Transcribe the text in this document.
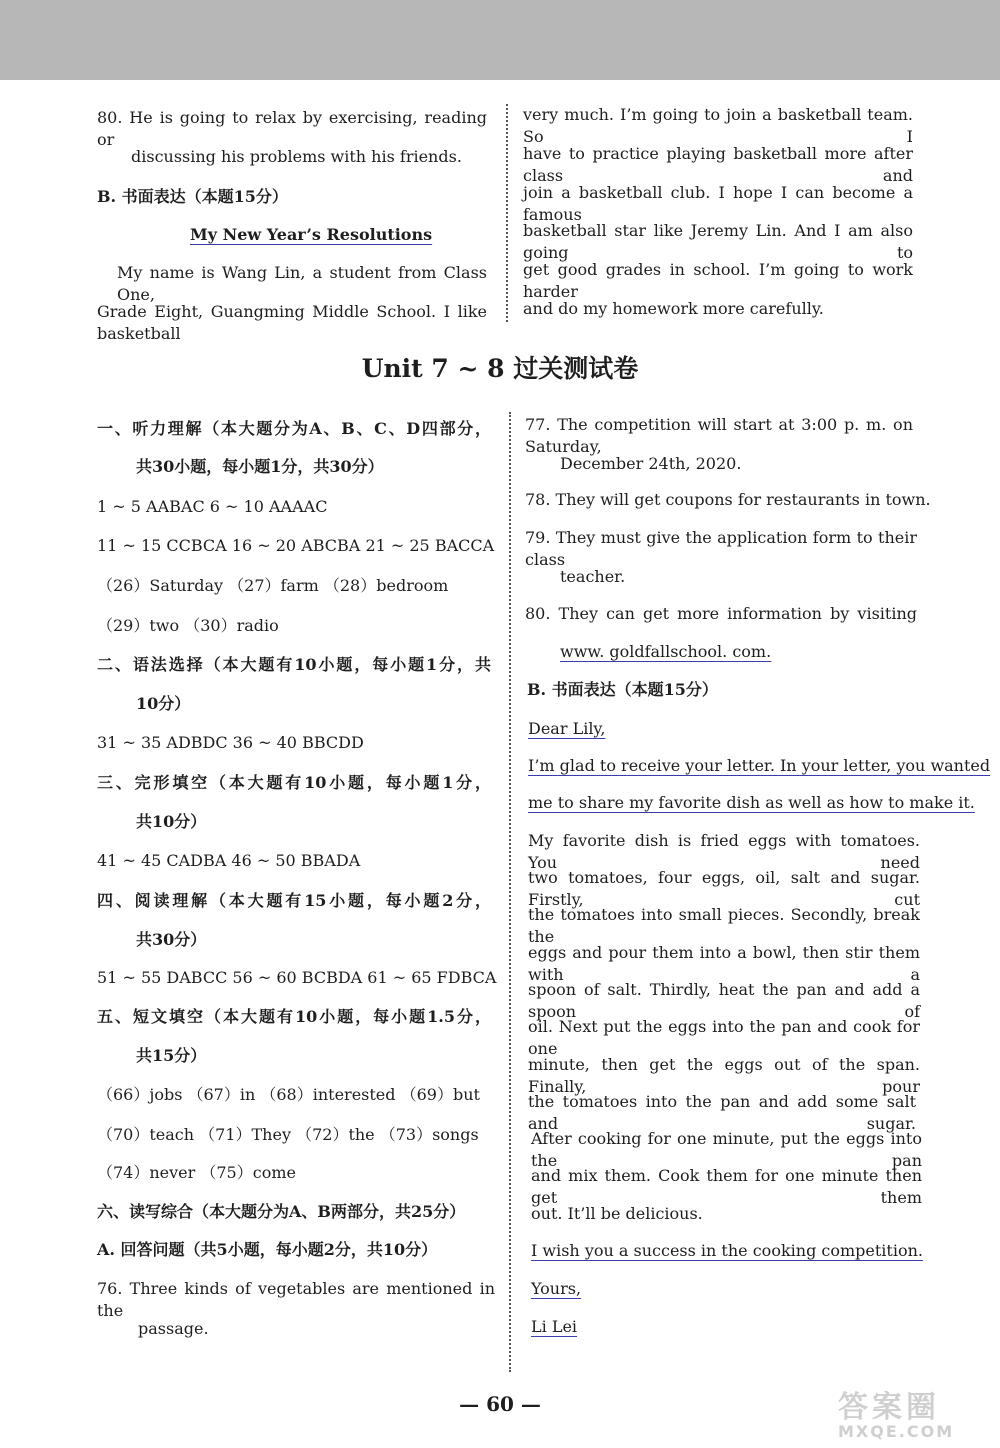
80. He is going to relax by exercising, reading or
discussing his problems with his friends.
B. 书面表达（本题15分）
My New Year’s Resolutions
My name is Wang Lin, a student from Class One,
Grade Eight, Guangming Middle School. I like basketball
very much. I’m going to join a basketball team. So I
have to practice playing basketball more after class and
join a basketball club. I hope I can become a famous
basketball star like Jeremy Lin. And I am also going to
get good grades in school. I’m going to work harder
and do my homework more carefully.
Unit 7 ~ 8 过关测试卷
一、听力理解（本大题分为A、B、C、D四部分，
共30小题，每小题1分，共30分）
1 ~ 5 AABAC 6 ~ 10 AAAAC
11 ~ 15 CCBCA 16 ~ 20 ABCBA 21 ~ 25 BACCA
（26）Saturday （27）farm （28）bedroom
（29）two （30）radio
二、语法选择（本大题有10小题，每小题1分，共
10分）
31 ~ 35 ADBDC 36 ~ 40 BBCDD
三、完形填空（本大题有10小题，每小题1分，
共10分）
41 ~ 45 CADBA 46 ~ 50 BBADA
四、阅读理解（本大题有15小题，每小题2分，
共30分）
51 ~ 55 DABCC 56 ~ 60 BCBDA 61 ~ 65 FDBCA
五、短文填空（本大题有10小题，每小题1.5分，
共15分）
（66）jobs （67）in （68）interested （69）but
（70）teach （71）They （72）the （73）songs
（74）never （75）come
六、读写综合（本大题分为A、B两部分，共25分）
A. 回答问题（共5小题，每小题2分，共10分）
76. Three kinds of vegetables are mentioned in the
passage.
77. The competition will start at 3:00 p. m. on Saturday,
December 24th, 2020.
78. They will get coupons for restaurants in town.
79. They must give the application form to their class
teacher.
80. They can get more information by visiting
www. goldfallschool. com.
B. 书面表达（本题15分）
Dear Lily,
I’m glad to receive your letter. In your letter, you wanted
me to share my favorite dish as well as how to make it.
My favorite dish is fried eggs with tomatoes. You need
two tomatoes, four eggs, oil, salt and sugar. Firstly, cut
the tomatoes into small pieces. Secondly, break the
eggs and pour them into a bowl, then stir them with a
spoon of salt. Thirdly, heat the pan and add a spoon of
oil. Next put the eggs into the pan and cook for one
minute, then get the eggs out of the span. Finally, pour
the tomatoes into the pan and add some salt and sugar.
After cooking for one minute, put the eggs into the pan
and mix them. Cook them for one minute then get them
out. It’ll be delicious.
I wish you a success in the cooking competition.
Yours,
Li Lei
— 60 —	答案圈
MXQE.COM
